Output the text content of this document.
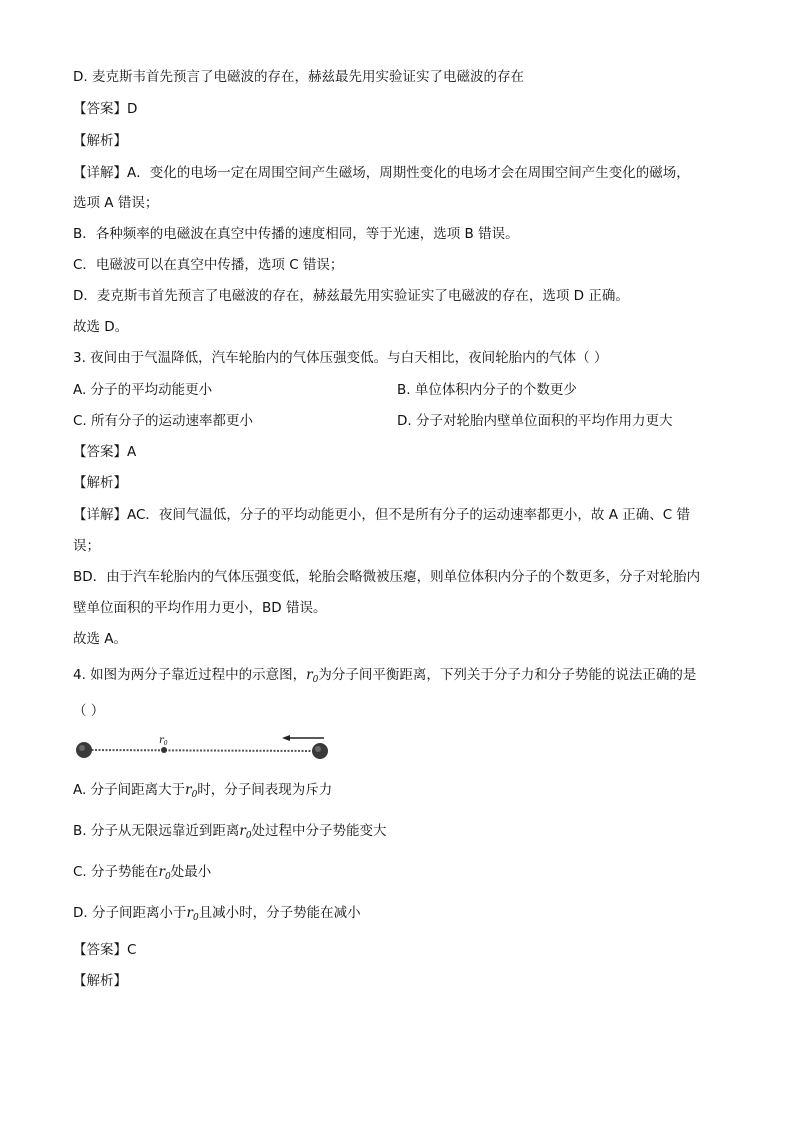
D. 麦克斯韦首先预言了电磁波的存在，赫兹最先用实验证实了电磁波的存在
【答案】D
【解析】
【详解】A．变化的电场一定在周围空间产生磁场，周期性变化的电场才会在周围空间产生变化的磁场，
选项 A 错误；
B．各种频率的电磁波在真空中传播的速度相同，等于光速，选项 B 错误。
C．电磁波可以在真空中传播，选项 C 错误；
D．麦克斯韦首先预言了电磁波的存在，赫兹最先用实验证实了电磁波的存在，选项 D 正确。
故选 D。
3. 夜间由于气温降低，汽车轮胎内的气体压强变低。与白天相比，夜间轮胎内的气体（ ）
A. 分子的平均动能更小	B. 单位体积内分子的个数更少
C. 所有分子的运动速率都更小	D. 分子对轮胎内壁单位面积的平均作用力更大
【答案】A
【解析】
【详解】AC．夜间气温低，分子的平均动能更小，但不是所有分子的运动速率都更小，故 A 正确、C 错
误；
BD．由于汽车轮胎内的气体压强变低，轮胎会略微被压瘪，则单位体积内分子的个数更多，分子对轮胎内
壁单位面积的平均作用力更小，BD 错误。
故选 A。
4. 如图为两分子靠近过程中的示意图，$r_0$为分子间平衡距离，下列关于分子力和分子势能的说法正确的是
（ ）
$r_0$
A. 分子间距离大于$r_0$时，分子间表现为斥力
B. 分子从无限远靠近到距离$r_0$处过程中分子势能变大
C. 分子势能在$r_0$处最小
D. 分子间距离小于$r_0$且减小时，分子势能在减小
【答案】C
【解析】
